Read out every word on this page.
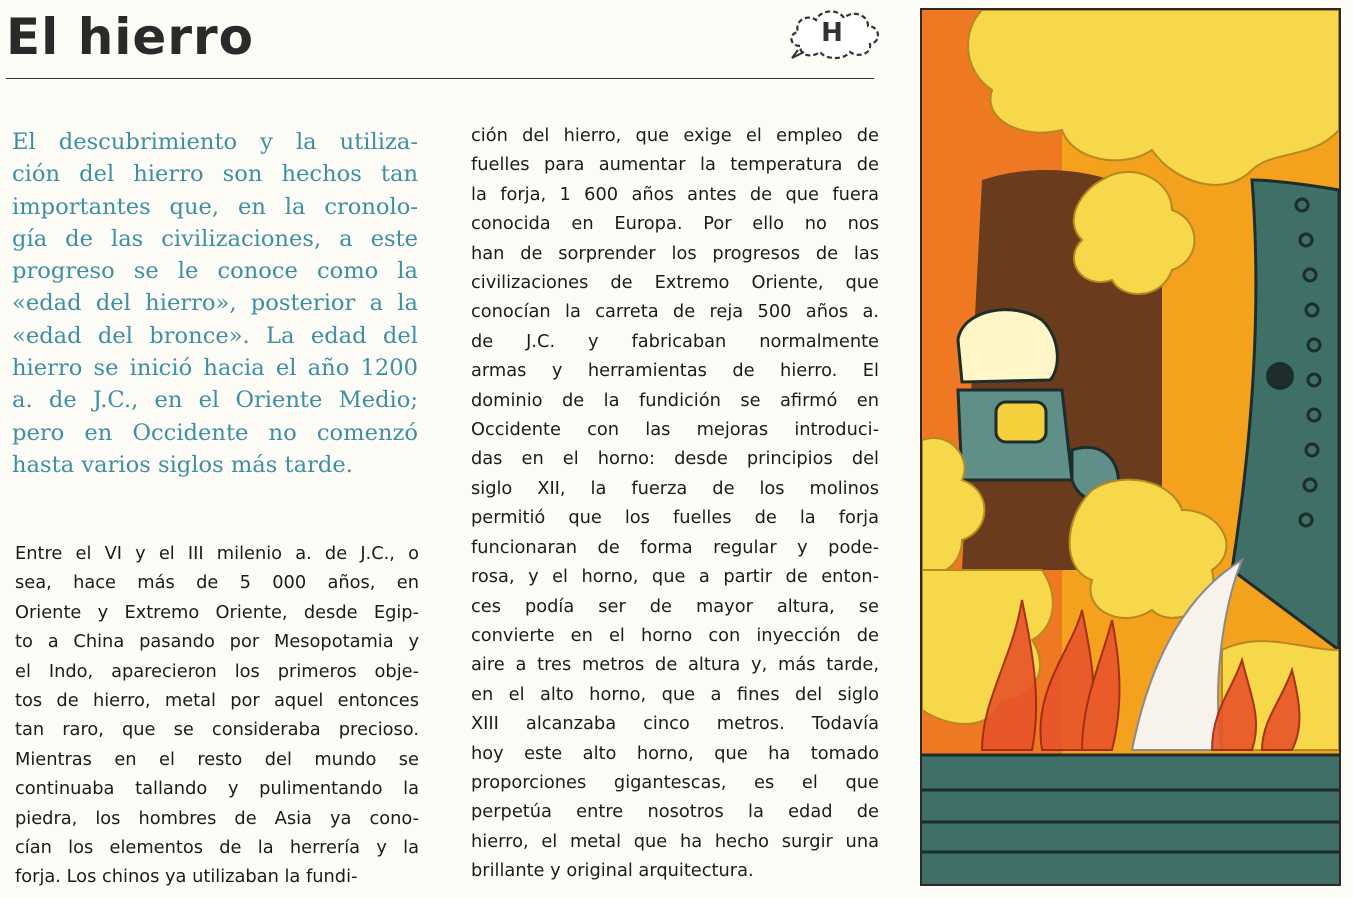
El hierro	H
El descubrimiento y la utiliza-
ción del hierro son hechos tan
importantes que, en la cronolo-
gía de las civilizaciones, a este
progreso se le conoce como la
«edad del hierro», posterior a la
«edad del bronce». La edad del
hierro se inició hacia el año 1200
a. de J.C., en el Oriente Medio;
pero en Occidente no comenzó
hasta varios siglos más tarde.
Entre el VI y el III milenio a. de J.C., o
sea, hace más de 5 000 años, en
Oriente y Extremo Oriente, desde Egip-
to a China pasando por Mesopotamia y
el Indo, aparecieron los primeros obje-
tos de hierro, metal por aquel entonces
tan raro, que se consideraba precioso.
Mientras en el resto del mundo se
continuaba tallando y pulimentando la
piedra, los hombres de Asia ya cono-
cían los elementos de la herrería y la
forja. Los chinos ya utilizaban la fundi-
ción del hierro, que exige el empleo de
fuelles para aumentar la temperatura de
la forja, 1 600 años antes de que fuera
conocida en Europa. Por ello no nos
han de sorprender los progresos de las
civilizaciones de Extremo Oriente, que
conocían la carreta de reja 500 años a.
de J.C. y fabricaban normalmente
armas y herramientas de hierro. El
dominio de la fundición se afirmó en
Occidente con las mejoras introduci-
das en el horno: desde principios del
siglo XII, la fuerza de los molinos
permitió que los fuelles de la forja
funcionaran de forma regular y pode-
rosa, y el horno, que a partir de enton-
ces podía ser de mayor altura, se
convierte en el horno con inyección de
aire a tres metros de altura y, más tarde,
en el alto horno, que a fines del siglo
XIII alcanzaba cinco metros. Todavía
hoy este alto horno, que ha tomado
proporciones gigantescas, es el que
perpetúa entre nosotros la edad de
hierro, el metal que ha hecho surgir una
brillante y original arquitectura.
